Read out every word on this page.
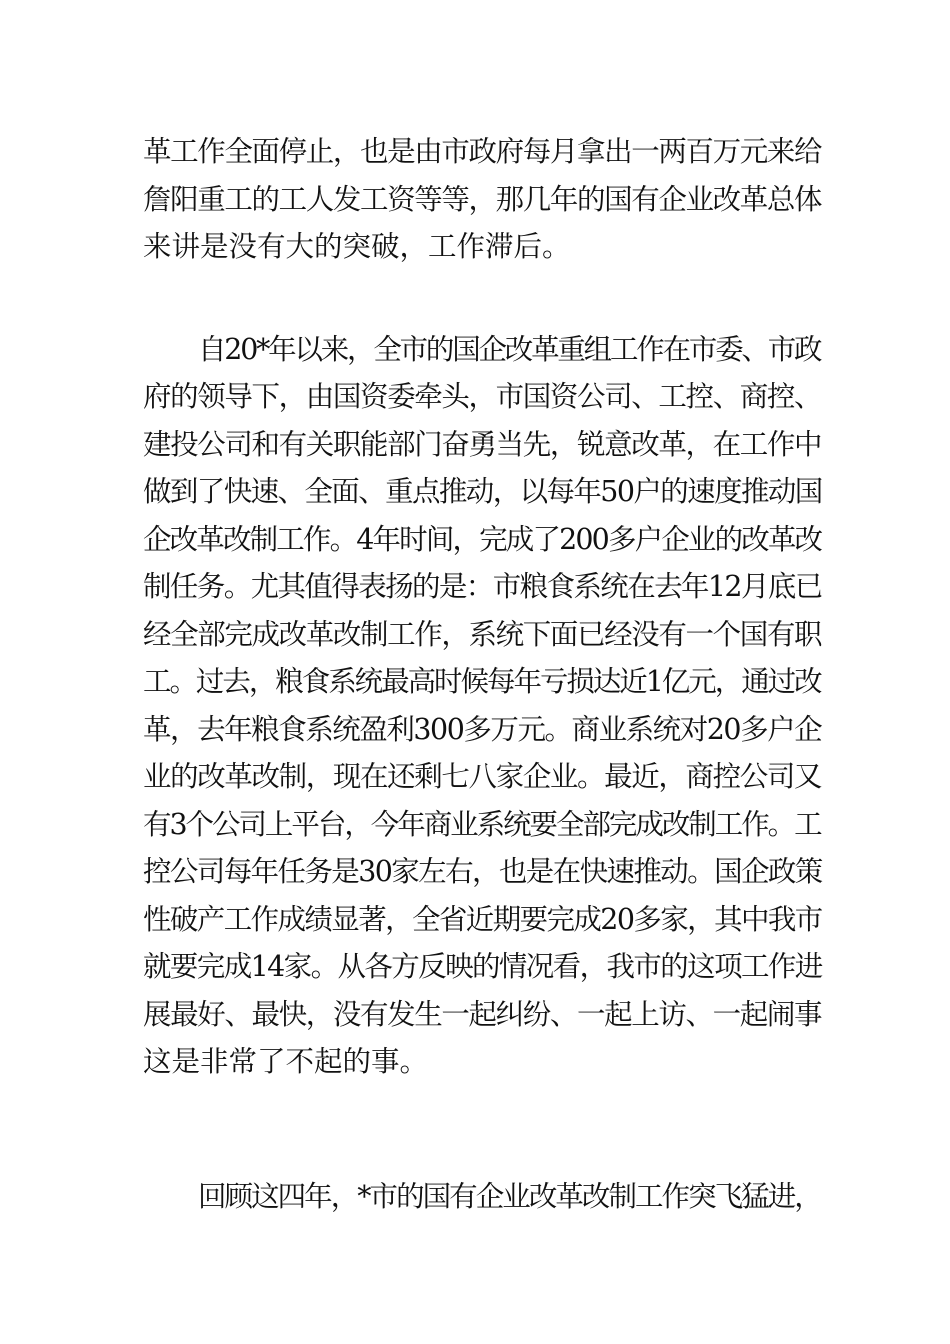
革工作全面停止，也是由市政府每月拿出一两百万元来给
詹阳重工的工人发工资等等，那几年的国有企业改革总体
来讲是没有大的突破，工作滞后。
自20*年以来，全市的国企改革重组工作在市委、市政
府的领导下，由国资委牵头，市国资公司、工控、商控、
建投公司和有关职能部门奋勇当先，锐意改革，在工作中
做到了快速、全面、重点推动，以每年50户的速度推动国
企改革改制工作。4年时间，完成了200多户企业的改革改
制任务。尤其值得表扬的是：市粮食系统在去年12月底已
经全部完成改革改制工作，系统下面已经没有一个国有职
工。过去，粮食系统最高时候每年亏损达近1亿元，通过改
革，去年粮食系统盈利300多万元。商业系统对20多户企
业的改革改制，现在还剩七八家企业。最近，商控公司又
有3个公司上平台，今年商业系统要全部完成改制工作。工
控公司每年任务是30家左右，也是在快速推动。国企政策
性破产工作成绩显著，全省近期要完成20多家，其中我市
就要完成14家。从各方反映的情况看，我市的这项工作进
展最好、最快，没有发生一起纠纷、一起上访、一起闹事
这是非常了不起的事。
回顾这四年，*市的国有企业改革改制工作突飞猛进，
